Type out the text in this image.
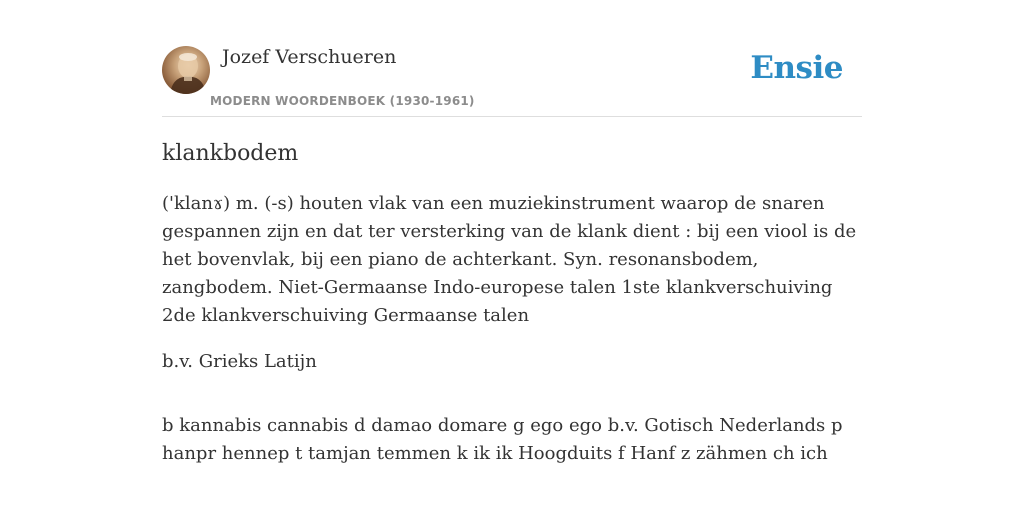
Jozef Verschueren
MODERN WOORDENBOEK (1930-1961)
Ensie
klankbodem

('klanɤ) m. (-s) houten vlak van een muziekinstrument waarop de snaren gespannen zijn en dat ter versterking van de klank dient : bij een viool is de het bovenvlak, bij een piano de achterkant. Syn. resonansbodem, zangbodem. Niet-Germaanse Indo-europese talen 1ste klankverschuiving 2de klankverschuiving Germaanse talen

b.v. Grieks Latijn

b kannabis cannabis d damao domare g ego ego b.v. Gotisch Nederlands p hanpr hennep t tamjan temmen k ik ik Hoogduits f Hanf z zähmen ch ich
